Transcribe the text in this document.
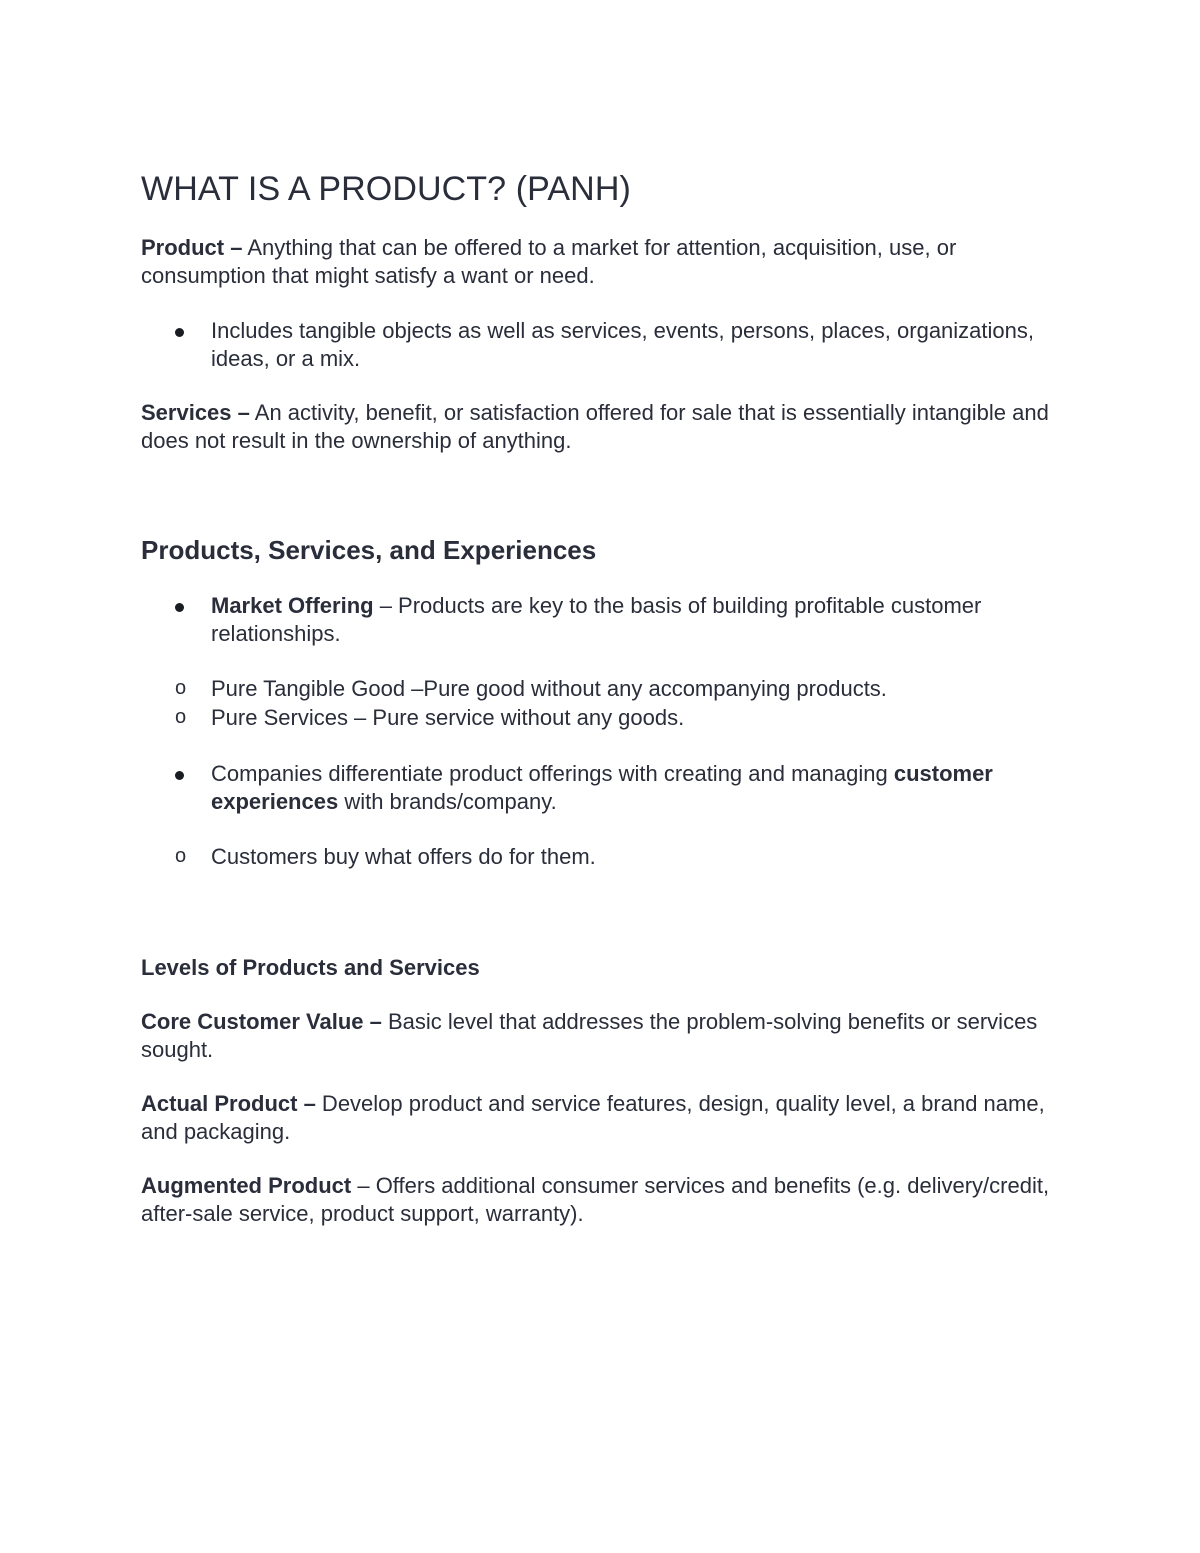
WHAT IS A PRODUCT? (PANH)

Product – Anything that can be offered to a market for attention, acquisition, use, or consumption that might satisfy a want or need.

Includes tangible objects as well as services, events, persons, places, organizations, ideas, or a mix.

Services – An activity, benefit, or satisfaction offered for sale that is essentially intangible and does not result in the ownership of anything.

Products, Services, and Experiences
Market Offering – Products are key to the basis of building profitable customer relationships.
o Pure Tangible Good –Pure good without any accompanying products.
o Pure Services – Pure service without any goods.
Companies differentiate product offerings with creating and managing customer experiences with brands/company.
o Customers buy what offers do for them.
Levels of Products and Services

Core Customer Value – Basic level that addresses the problem-solving benefits or services sought.

Actual Product – Develop product and service features, design, quality level, a brand name, and packaging.

Augmented Product – Offers additional consumer services and benefits (e.g. delivery/credit, after-sale service, product support, warranty).
